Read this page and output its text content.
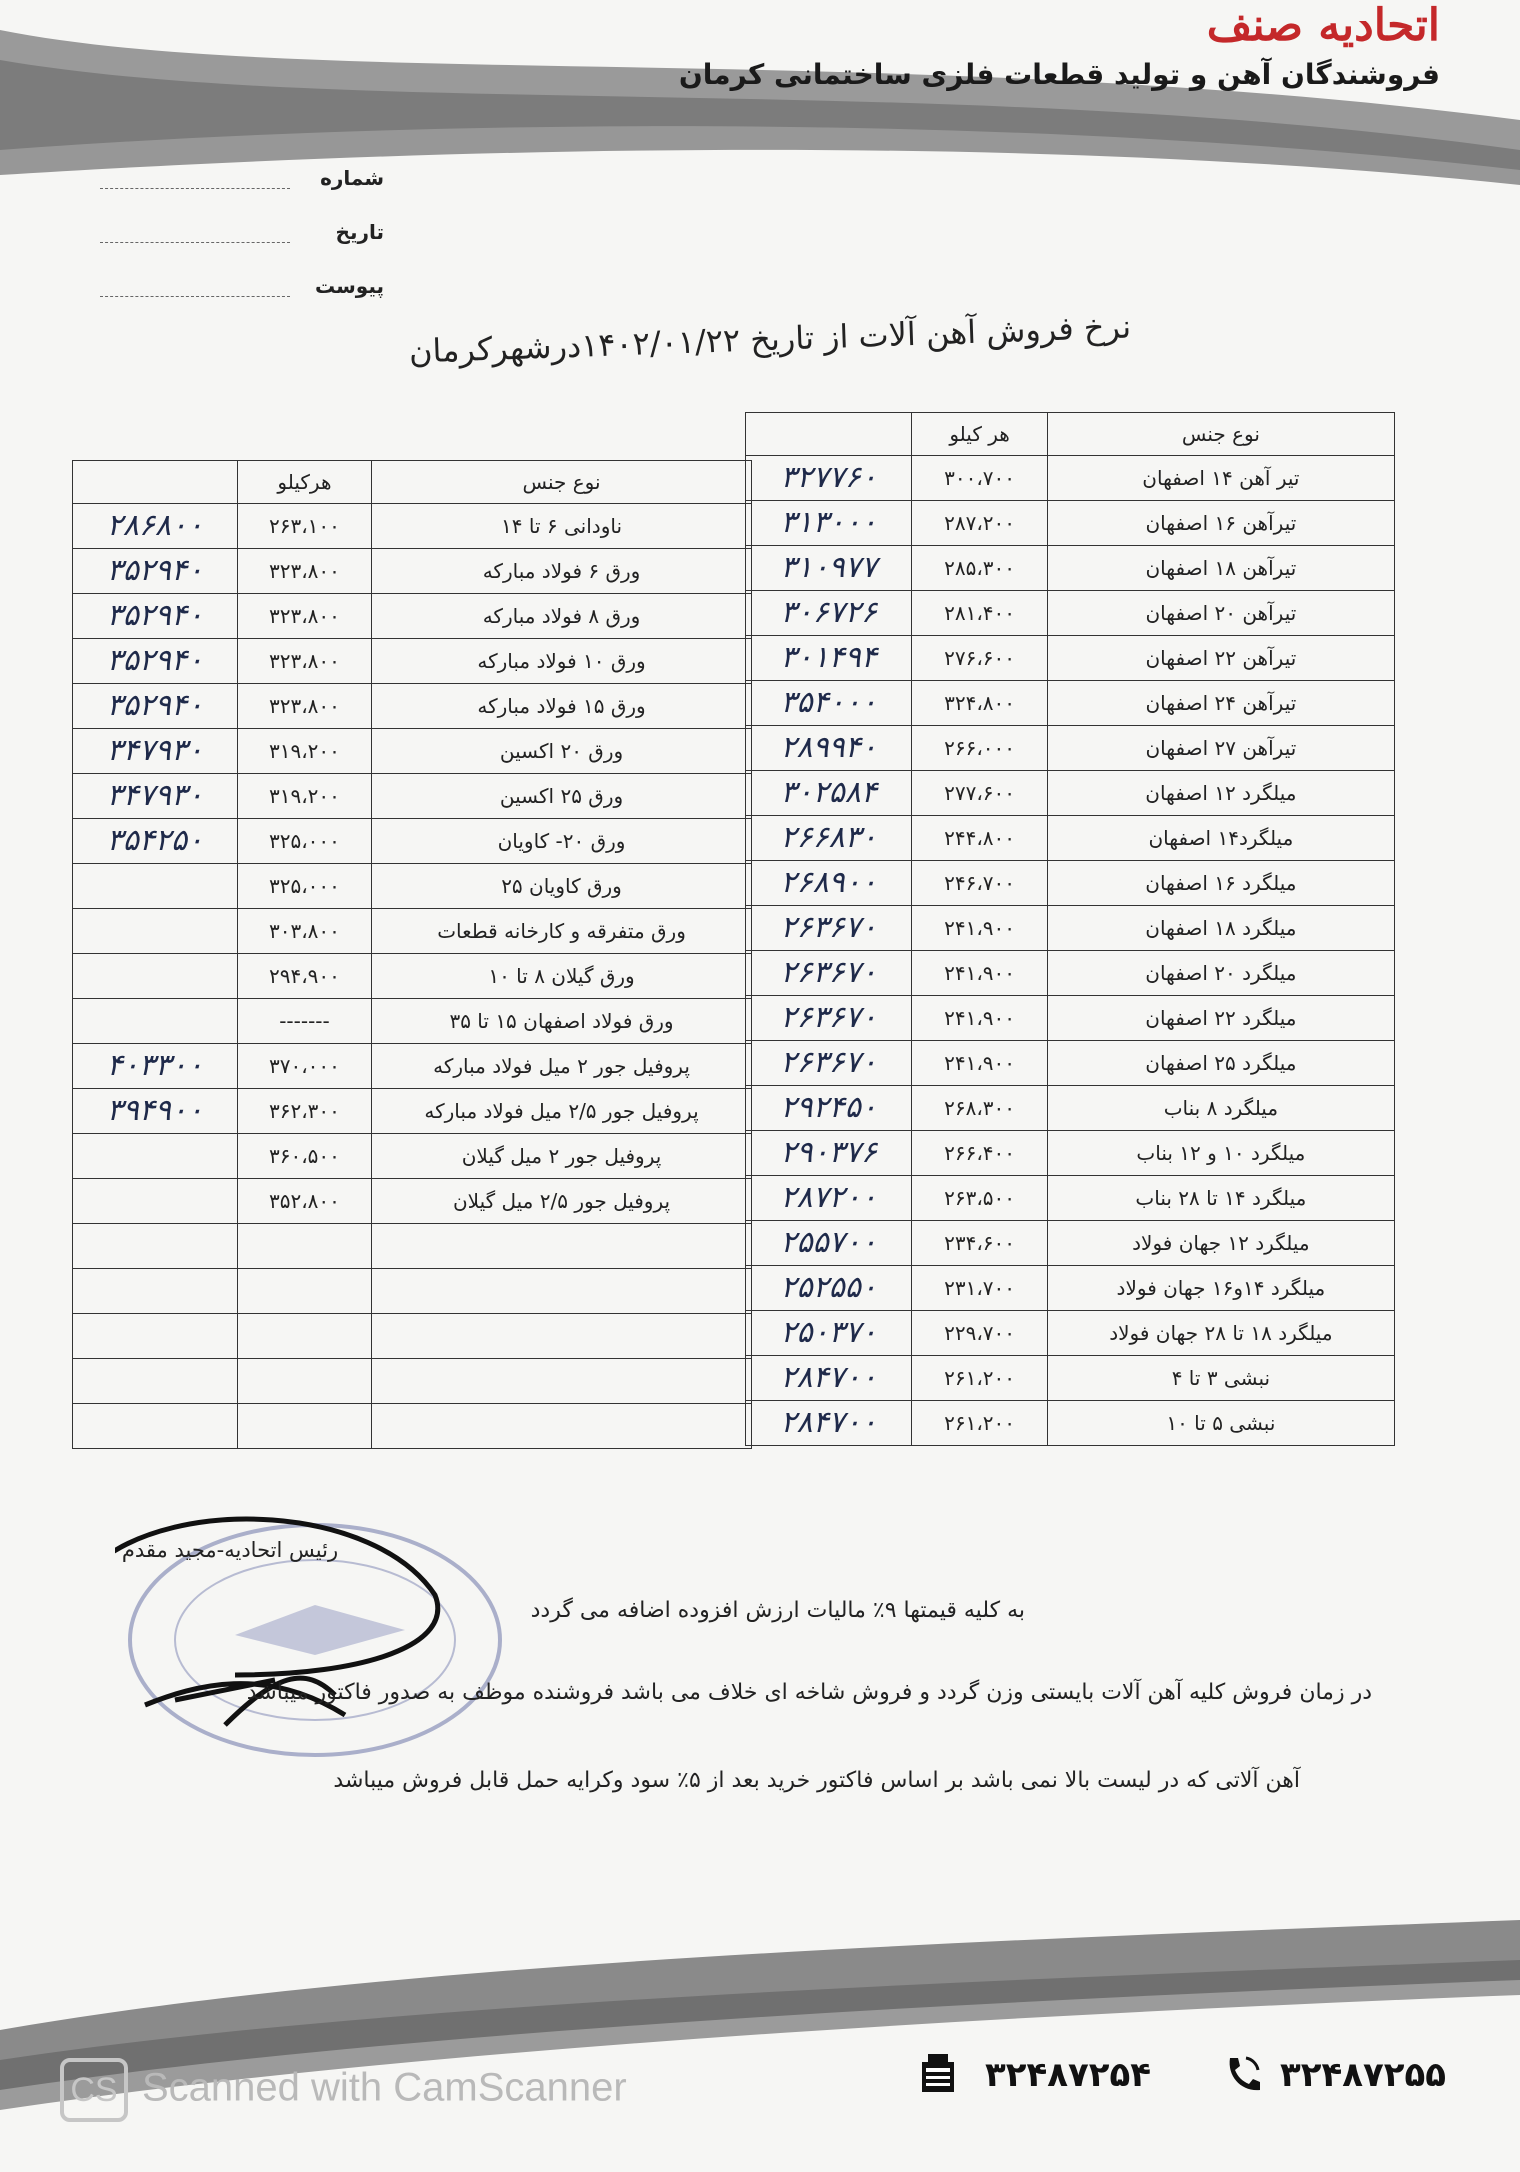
اتحادیه صنف
فروشندگان آهن و تولید قطعات فلزی ساختمانی کرمان
شماره
تاریخ
پیوست
نرخ فروش آهن آلات از تاریخ ۱۴۰۲/۰۱/۲۲درشهرکرمان
نوع جنس	هر کیلو	
تیر آهن ۱۴ اصفهان	۳۰۰،۷۰۰	۳۲۷۷۶۰
تیرآهن ۱۶ اصفهان	۲۸۷،۲۰۰	۳۱۳۰۰۰
تیرآهن ۱۸ اصفهان	۲۸۵،۳۰۰	۳۱۰۹۷۷
تیرآهن ۲۰ اصفهان	۲۸۱،۴۰۰	۳۰۶۷۲۶
تیرآهن ۲۲ اصفهان	۲۷۶،۶۰۰	۳۰۱۴۹۴
تیرآهن ۲۴ اصفهان	۳۲۴،۸۰۰	۳۵۴۰۰۰
تیرآهن ۲۷ اصفهان	۲۶۶،۰۰۰	۲۸۹۹۴۰
میلگرد ۱۲ اصفهان	۲۷۷،۶۰۰	۳۰۲۵۸۴
میلگرد۱۴ اصفهان	۲۴۴،۸۰۰	۲۶۶۸۳۰
میلگرد ۱۶ اصفهان	۲۴۶،۷۰۰	۲۶۸۹۰۰
میلگرد ۱۸ اصفهان	۲۴۱،۹۰۰	۲۶۳۶۷۰
میلگرد ۲۰ اصفهان	۲۴۱،۹۰۰	۲۶۳۶۷۰
میلگرد ۲۲ اصفهان	۲۴۱،۹۰۰	۲۶۳۶۷۰
میلگرد ۲۵ اصفهان	۲۴۱،۹۰۰	۲۶۳۶۷۰
میلگرد ۸ بناب	۲۶۸،۳۰۰	۲۹۲۴۵۰
میلگرد ۱۰ و ۱۲ بناب	۲۶۶،۴۰۰	۲۹۰۳۷۶
میلگرد ۱۴ تا ۲۸ بناب	۲۶۳،۵۰۰	۲۸۷۲۰۰
میلگرد ۱۲ جهان فولاد	۲۳۴،۶۰۰	۲۵۵۷۰۰
میلگرد ۱۴و۱۶ جهان فولاد	۲۳۱،۷۰۰	۲۵۲۵۵۰
میلگرد ۱۸ تا ۲۸ جهان فولاد	۲۲۹،۷۰۰	۲۵۰۳۷۰
نبشی ۳ تا ۴	۲۶۱،۲۰۰	۲۸۴۷۰۰
نبشی ۵ تا ۱۰	۲۶۱،۲۰۰	۲۸۴۷۰۰
نوع جنس	هرکیلو	
ناودانی ۶ تا ۱۴	۲۶۳،۱۰۰	۲۸۶۸۰۰
ورق ۶ فولاد مبارکه	۳۲۳،۸۰۰	۳۵۲۹۴۰
ورق ۸ فولاد مبارکه	۳۲۳،۸۰۰	۳۵۲۹۴۰
ورق ۱۰ فولاد مبارکه	۳۲۳،۸۰۰	۳۵۲۹۴۰
ورق ۱۵ فولاد مبارکه	۳۲۳،۸۰۰	۳۵۲۹۴۰
ورق ۲۰ اکسین	۳۱۹،۲۰۰	۳۴۷۹۳۰
ورق ۲۵ اکسین	۳۱۹،۲۰۰	۳۴۷۹۳۰
ورق ۲۰- کاویان	۳۲۵،۰۰۰	۳۵۴۲۵۰
ورق کاویان ۲۵	۳۲۵،۰۰۰	
ورق متفرقه و کارخانه قطعات	۳۰۳،۸۰۰	
ورق گیلان ۸ تا ۱۰	۲۹۴،۹۰۰	
ورق فولاد اصفهان ۱۵ تا ۳۵	-------	
پروفیل جور ۲ میل فولاد مبارکه	۳۷۰،۰۰۰	۴۰۳۳۰۰
پروفیل جور ۲/۵ میل فولاد مبارکه	۳۶۲،۳۰۰	۳۹۴۹۰۰
پروفیل جور ۲ میل گیلان	۳۶۰،۵۰۰	
پروفیل جور ۲/۵ میل گیلان	۳۵۲،۸۰۰	

رئیس اتحادیه-مجید مقدم
به کلیه قیمتها ۹٪ مالیات ارزش افزوده اضافه می گردد
در زمان فروش کلیه آهن آلات بایستی وزن گردد و فروش شاخه ای خلاف می باشد فروشنده موظف به صدور فاکتور میباشد
آهن آلاتی که در لیست بالا نمی باشد بر اساس فاکتور خرید بعد از ۵٪ سود وکرایه حمل قابل فروش میباشد
CS Scanned with CamScanner	۳۲۴۸۷۲۵۴	۳۲۴۸۷۲۵۵
